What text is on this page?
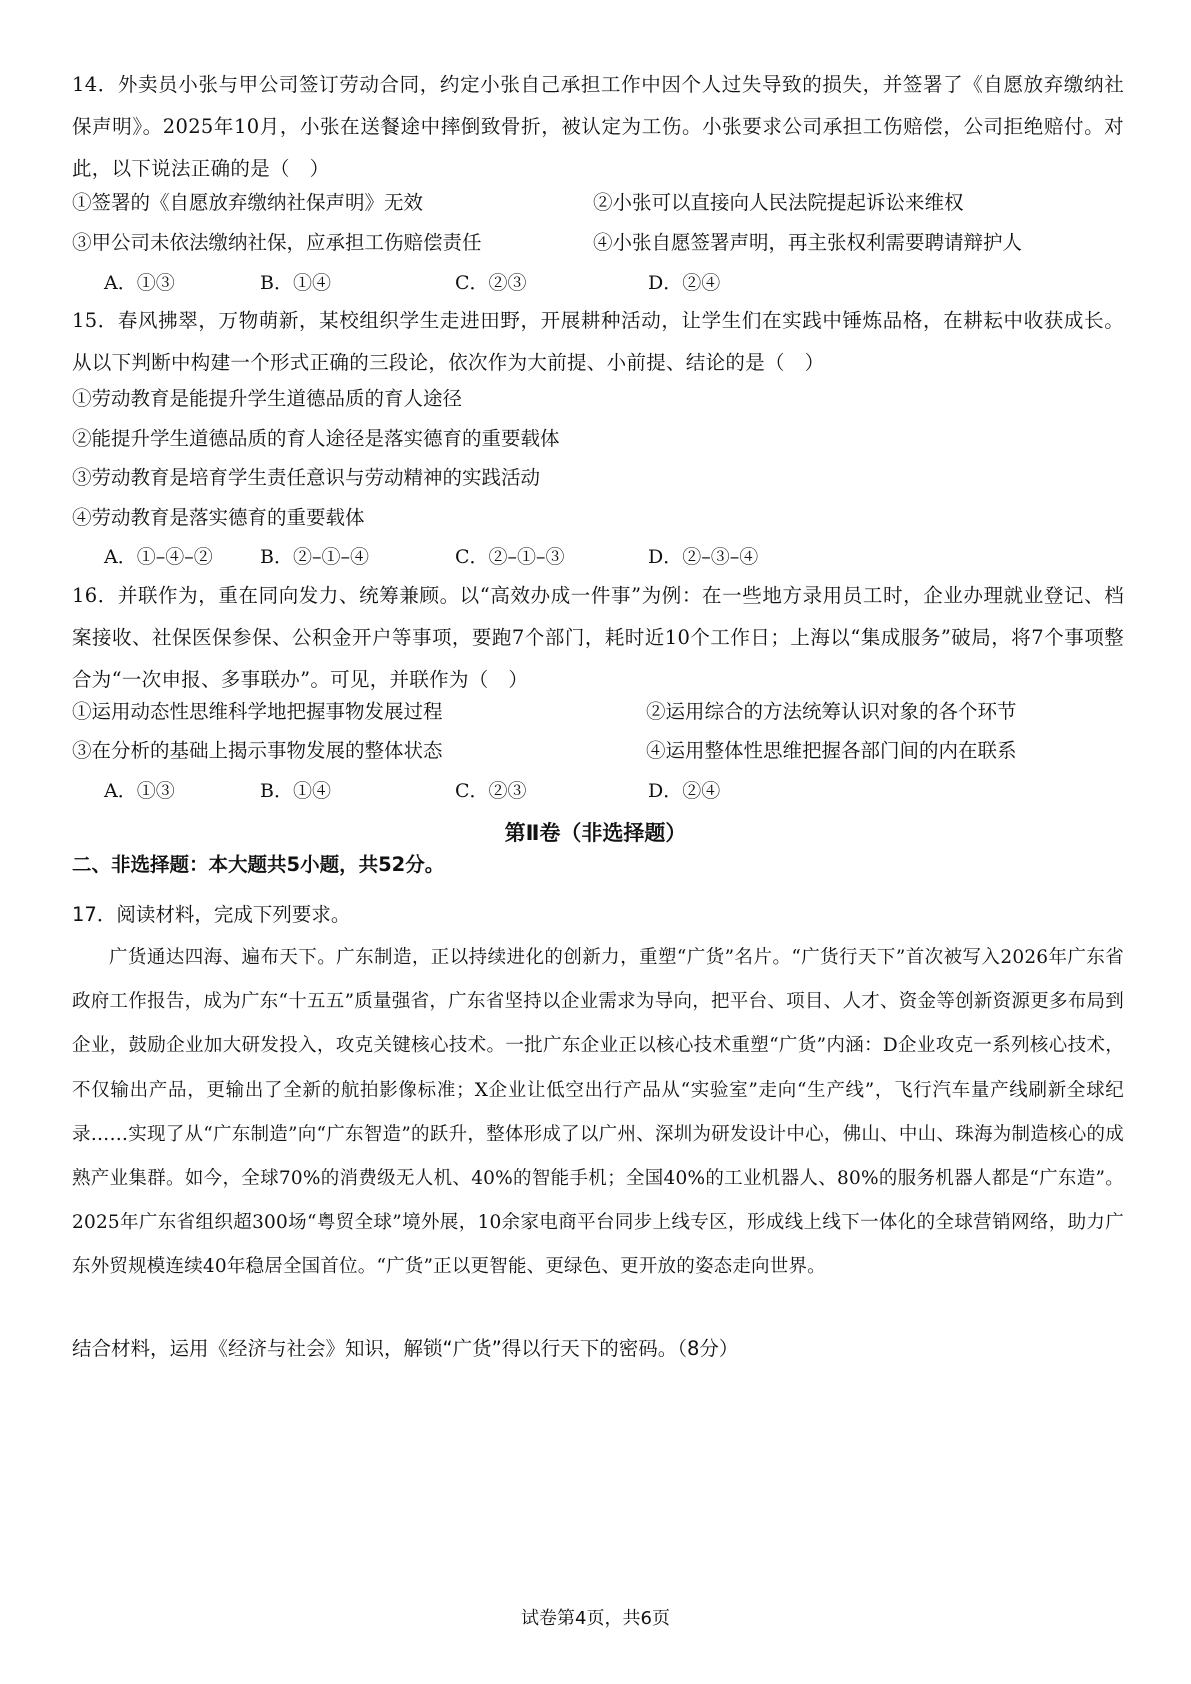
14．外卖员小张与甲公司签订劳动合同，约定小张自己承担工作中因个人过失导致的损失，并签署了《自愿放弃缴纳社保声明》。2025年10月，小张在送餐途中摔倒致骨折，被认定为工伤。小张要求公司承担工伤赔偿，公司拒绝赔付。对此，以下说法正确的是（　）
①签署的《自愿放弃缴纳社保声明》无效	②小张可以直接向人民法院提起诉讼来维权
③甲公司未依法缴纳社保，应承担工伤赔偿责任	④小张自愿签署声明，再主张权利需要聘请辩护人
A．①③	B．①④	C．②③	D．②④
15．春风拂翠，万物萌新，某校组织学生走进田野，开展耕种活动，让学生们在实践中锤炼品格，在耕耘中收获成长。从以下判断中构建一个形式正确的三段论，依次作为大前提、小前提、结论的是（　）
①劳动教育是能提升学生道德品质的育人途径
②能提升学生道德品质的育人途径是落实德育的重要载体
③劳动教育是培育学生责任意识与劳动精神的实践活动
④劳动教育是落实德育的重要载体
A．①–④–② B．②–①–④	C．②–①–③	D．②–③–④
16．并联作为，重在同向发力、统筹兼顾。以“高效办成一件事”为例：在一些地方录用员工时，企业办理就业登记、档案接收、社保医保参保、公积金开户等事项，要跑7个部门，耗时近10个工作日；上海以“集成服务”破局，将7个事项整合为“一次申报、多事联办”。可见，并联作为（　）
①运用动态性思维科学地把握事物发展过程	②运用综合的方法统筹认识对象的各个环节
③在分析的基础上揭示事物发展的整体状态	④运用整体性思维把握各部门间的内在联系
A．①③	B．①④	C．②③	D．②④
第Ⅱ卷（非选择题）
二、非选择题：本大题共5小题，共52分。
17．阅读材料，完成下列要求。
广货通达四海、遍布天下。广东制造，正以持续进化的创新力，重塑“广货”名片。“广货行天下”首次被写入2026年广东省政府工作报告，成为广东“十五五”质量强省，广东省坚持以企业需求为导向，把平台、项目、人才、资金等创新资源更多布局到企业，鼓励企业加大研发投入，攻克关键核心技术。一批广东企业正以核心技术重塑“广货”内涵：D企业攻克一系列核心技术，不仅输出产品，更输出了全新的航拍影像标准；X企业让低空出行产品从“实验室”走向“生产线”，飞行汽车量产线刷新全球纪录……实现了从“广东制造”向“广东智造”的跃升，整体形成了以广州、深圳为研发设计中心，佛山、中山、珠海为制造核心的成熟产业集群。如今，全球70%的消费级无人机、40%的智能手机；全国40%的工业机器人、80%的服务机器人都是“广东造”。2025年广东省组织超300场“粤贸全球”境外展，10余家电商平台同步上线专区，形成线上线下一体化的全球营销网络，助力广东外贸规模连续40年稳居全国首位。“广货”正以更智能、更绿色、更开放的姿态走向世界。
结合材料，运用《经济与社会》知识，解锁“广货”得以行天下的密码。（8分）
试卷第4页，共6页
